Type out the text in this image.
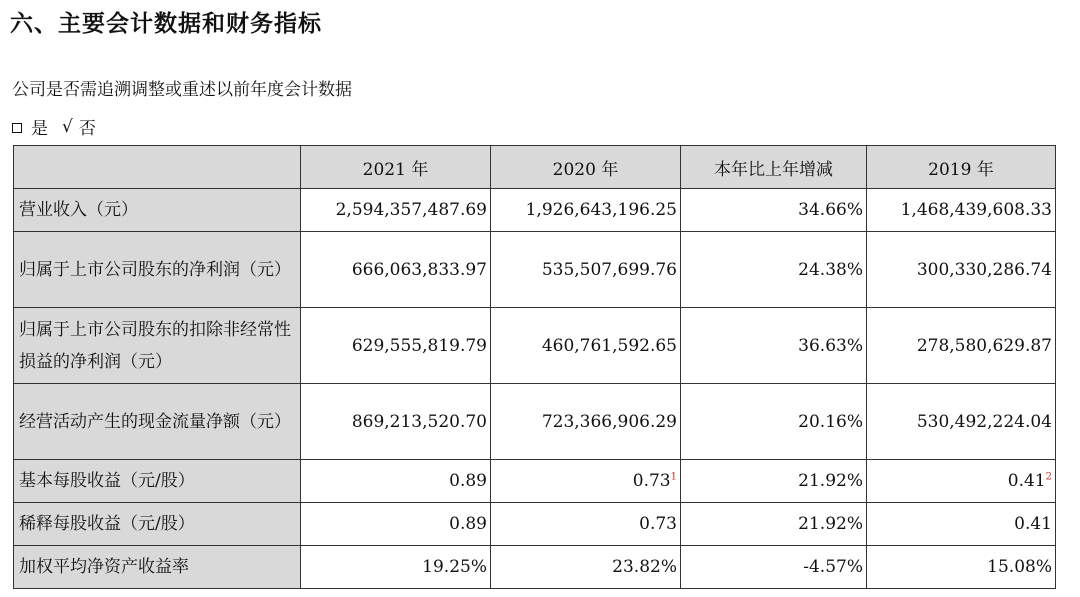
六、主要会计数据和财务指标
公司是否需追溯调整或重述以前年度会计数据
是 √ 否
	2021 年	2020 年	本年比上年增减	2019 年
营业收入（元）	2,594,357,487.69	1,926,643,196.25	34.66%	1,468,439,608.33
归属于上市公司股东的净利润（元）	666,063,833.97	535,507,699.76	24.38%	300,330,286.74
归属于上市公司股东的扣除非经常性损益的净利润（元）	629,555,819.79	460,761,592.65	36.63%	278,580,629.87
经营活动产生的现金流量净额（元）	869,213,520.70	723,366,906.29	20.16%	530,492,224.04
基本每股收益（元/股）	0.89	0.73$^1$	21.92%	0.41$^2$
稀释每股收益（元/股）	0.89	0.73	21.92%	0.41
加权平均净资产收益率	19.25%	23.82%	-4.57%	15.08%
